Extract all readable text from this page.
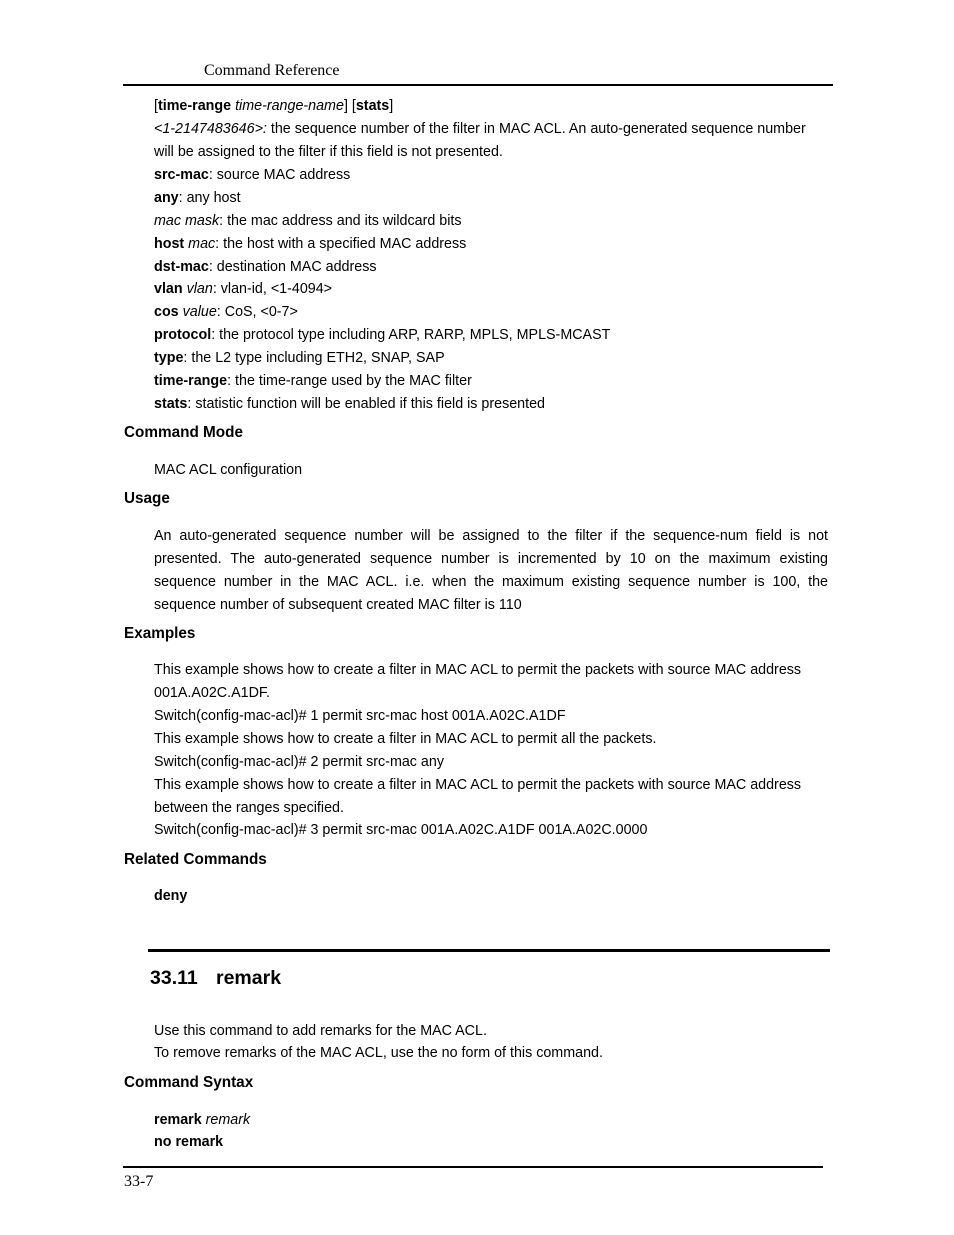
Command Reference
[time-range time-range-name] [stats]
<1-2147483646>: the sequence number of the filter in MAC ACL. An auto-generated sequence number will be assigned to the filter if this field is not presented.
src-mac: source MAC address
any: any host
mac mask: the mac address and its wildcard bits
host mac: the host with a specified MAC address
dst-mac: destination MAC address
vlan vlan: vlan-id, <1-4094>
cos value: CoS, <0-7>
protocol: the protocol type including ARP, RARP, MPLS, MPLS-MCAST
type: the L2 type including ETH2, SNAP, SAP
time-range: the time-range used by the MAC filter
stats: statistic function will be enabled if this field is presented
Command Mode
MAC ACL configuration
Usage
An auto-generated sequence number will be assigned to the filter if the sequence-num field is not presented. The auto-generated sequence number is incremented by 10 on the maximum existing sequence number in the MAC ACL. i.e. when the maximum existing sequence number is 100, the sequence number of subsequent created MAC filter is 110
Examples
This example shows how to create a filter in MAC ACL to permit the packets with source MAC address 001A.A02C.A1DF.
Switch(config-mac-acl)# 1 permit src-mac host 001A.A02C.A1DF
This example shows how to create a filter in MAC ACL to permit all the packets.
Switch(config-mac-acl)# 2 permit src-mac any
This example shows how to create a filter in MAC ACL to permit the packets with source MAC address between the ranges specified.
Switch(config-mac-acl)# 3 permit src-mac 001A.A02C.A1DF 001A.A02C.0000
Related Commands
deny
33.11 remark
Use this command to add remarks for the MAC ACL.
To remove remarks of the MAC ACL, use the no form of this command.
Command Syntax
remark remark
no remark
33-7
